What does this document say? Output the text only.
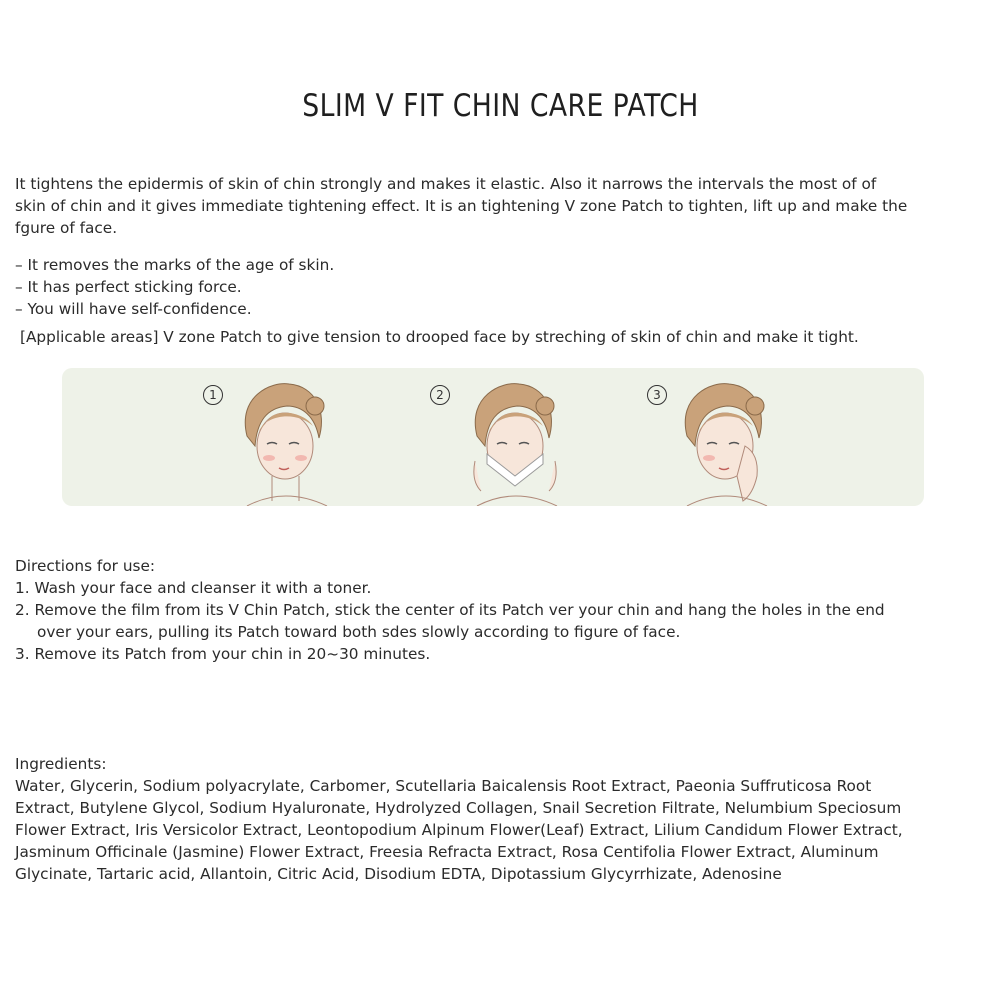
SLIM V FIT CHIN CARE PATCH
It tightens the epidermis of skin of chin strongly and makes it elastic. Also it narrows the intervals the most of of
skin of chin and it gives immediate tightening effect. It is an tightening V zone Patch to tighten, lift up and make the
fgure of face.
– It removes the marks of the age of skin.
– It has perfect sticking force.
– You will have self-confidence.
[Applicable areas] V zone Patch to give tension to drooped face by streching of skin of chin and make it tight.
1	2	3
Directions for use:
1. Wash your face and cleanser it with a toner.
2. Remove the film from its V Chin Patch, stick the center of its Patch ver your chin and hang the holes in the end
over your ears, pulling its Patch toward both sdes slowly according to figure of face.
3. Remove its Patch from your chin in 20~30 minutes.
Ingredients:
Water, Glycerin, Sodium polyacrylate, Carbomer, Scutellaria Baicalensis Root Extract, Paeonia Suffruticosa Root
Extract, Butylene Glycol, Sodium Hyaluronate, Hydrolyzed Collagen, Snail Secretion Filtrate, Nelumbium Speciosum
Flower Extract, Iris Versicolor Extract, Leontopodium Alpinum Flower(Leaf) Extract, Lilium Candidum Flower Extract,
Jasminum Officinale (Jasmine) Flower Extract, Freesia Refracta Extract, Rosa Centifolia Flower Extract, Aluminum
Glycinate, Tartaric acid, Allantoin, Citric Acid, Disodium EDTA, Dipotassium Glycyrrhizate, Adenosine
